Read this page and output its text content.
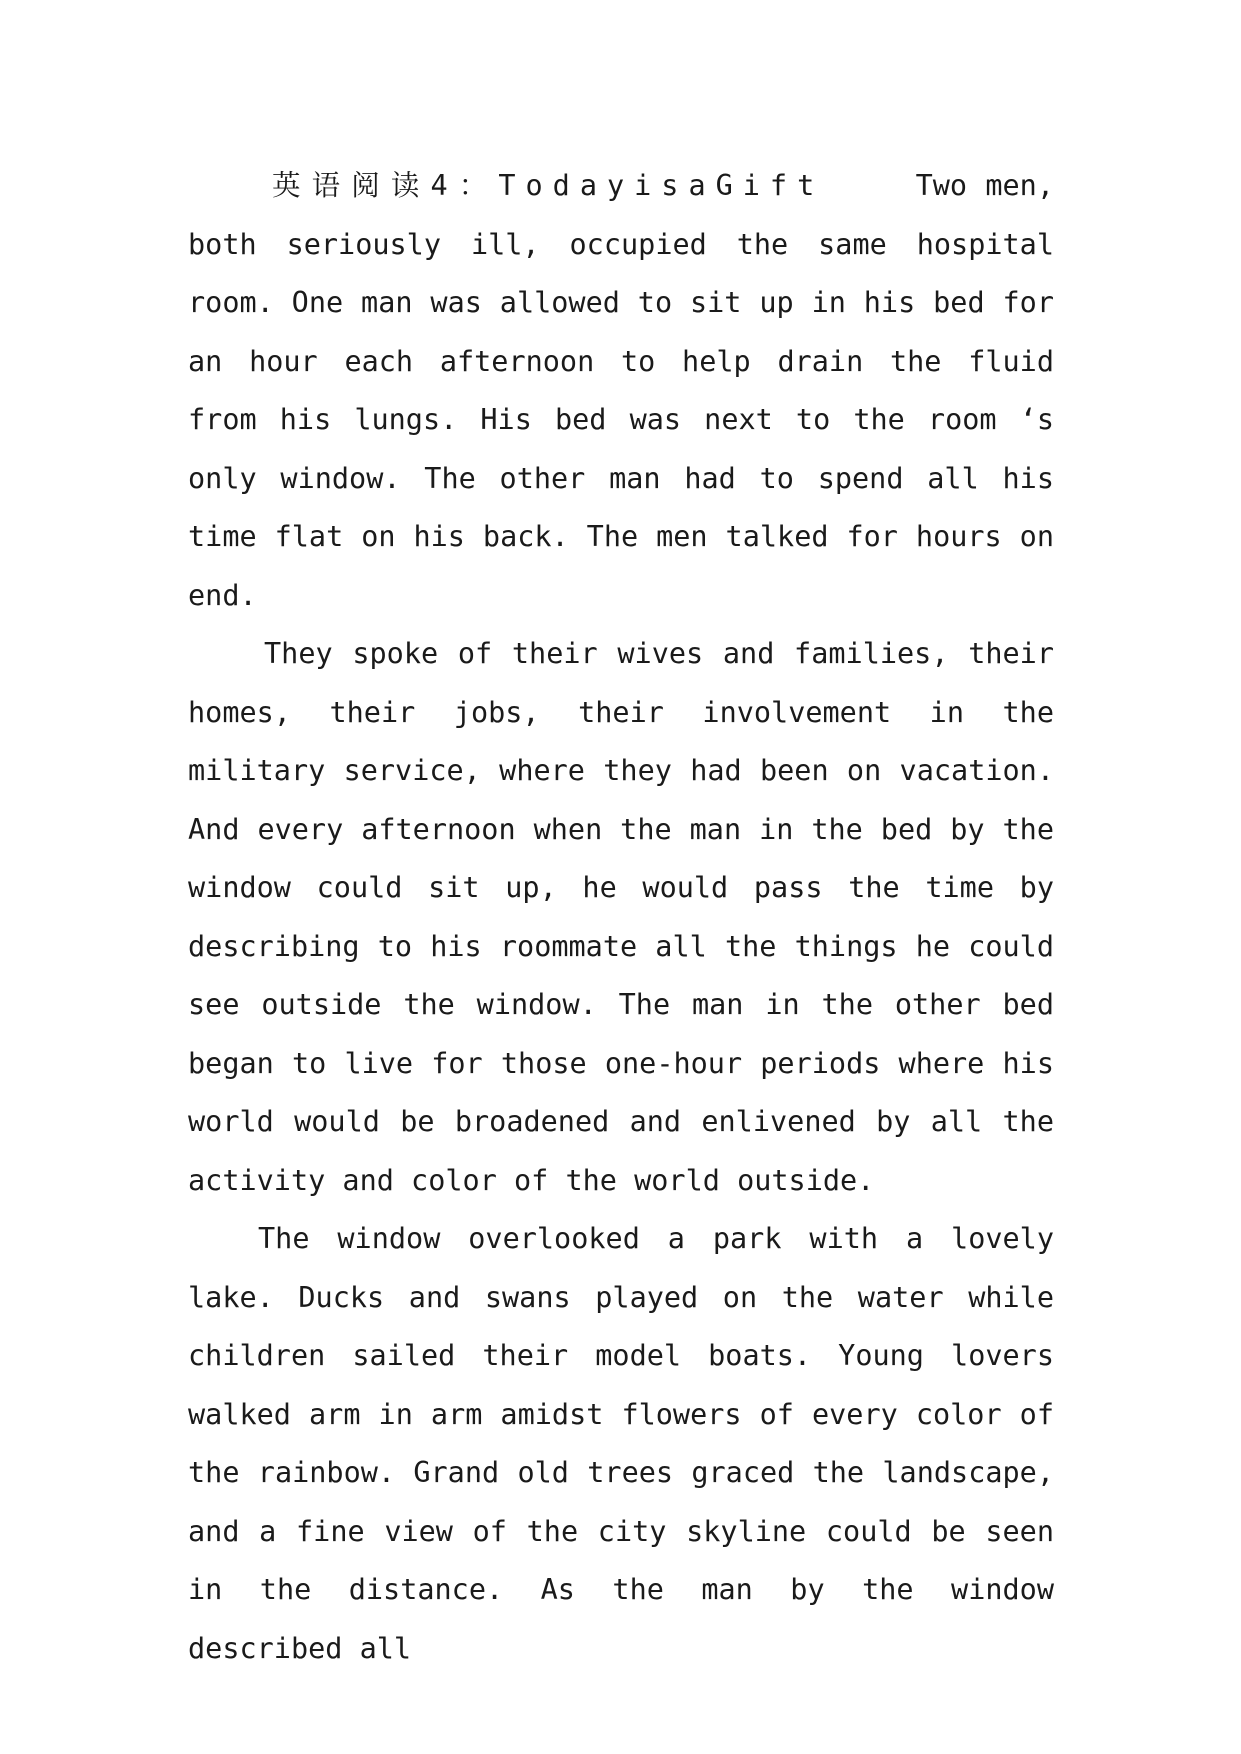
英语阅读4：TodayisaGift	Two men, both seriously ill, occupied the same hospital room. One man was allowed to sit up in his bed for an hour each afternoon to help drain the fluid from his lungs. His bed was next to the room ‘s only window. The other man had to spend all his time flat on his back. The men talked for hours on end.

They spoke of their wives and families, their homes, their jobs, their involvement in the military service, where they had been on vacation. And every afternoon when the man in the bed by the window could sit up, he would pass the time by describing to his roommate all the things he could see outside the window. The man in the other bed began to live for those one-hour periods where his world would be broadened and enlivened by all the activity and color of the world outside.

The window overlooked a park with a lovely lake. Ducks and swans played on the water while children sailed their model boats. Young lovers walked arm in arm amidst flowers of every color of the rainbow. Grand old trees graced the landscape, and a fine view of the city skyline could be seen in the distance. As the man by the window described all
